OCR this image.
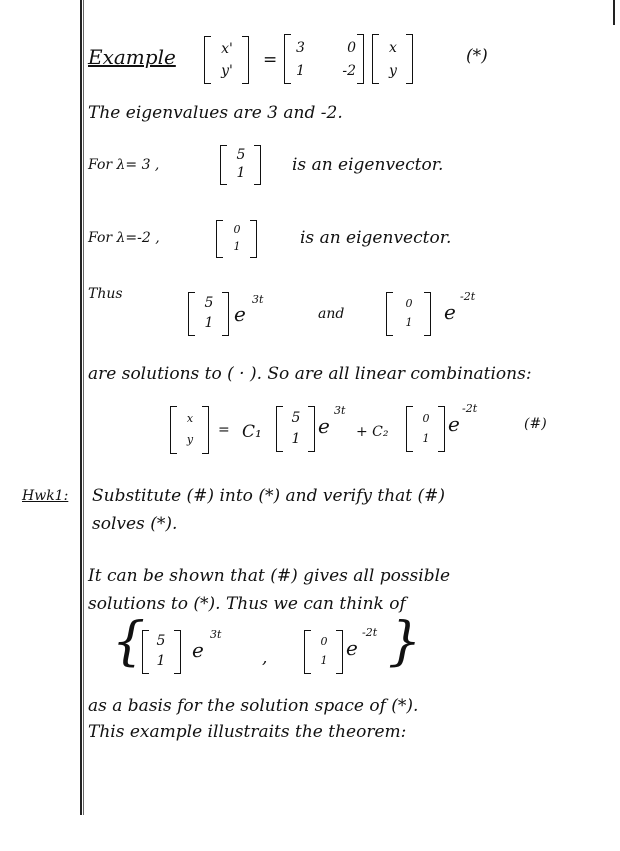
Example	x'
y'
=
3	0
1	-2
x
y
(*)
The eigenvalues are 3 and -2.
For λ= 3 ,
5
1	is an eigenvector.
For λ=-2 ,
0
1	is an eigenvector.
Thus
5
1 e
3t
and
0
1 e
-2t
are solutions to ( · ). So are all linear combinations:
x
y
= C₁
5
1
e
3t
+ C₂
0
1
e
-2t
(#)
Hwk1: Substitute (#) into (*) and verify that (#)
solves (*).
It can be shown that (#) gives all possible
solutions to (*). Thus we can think of
{ 5
1 e
3t
,
0
1
e
-2t }
as a basis for the solution space of (*).
This example illustraits the theorem:
